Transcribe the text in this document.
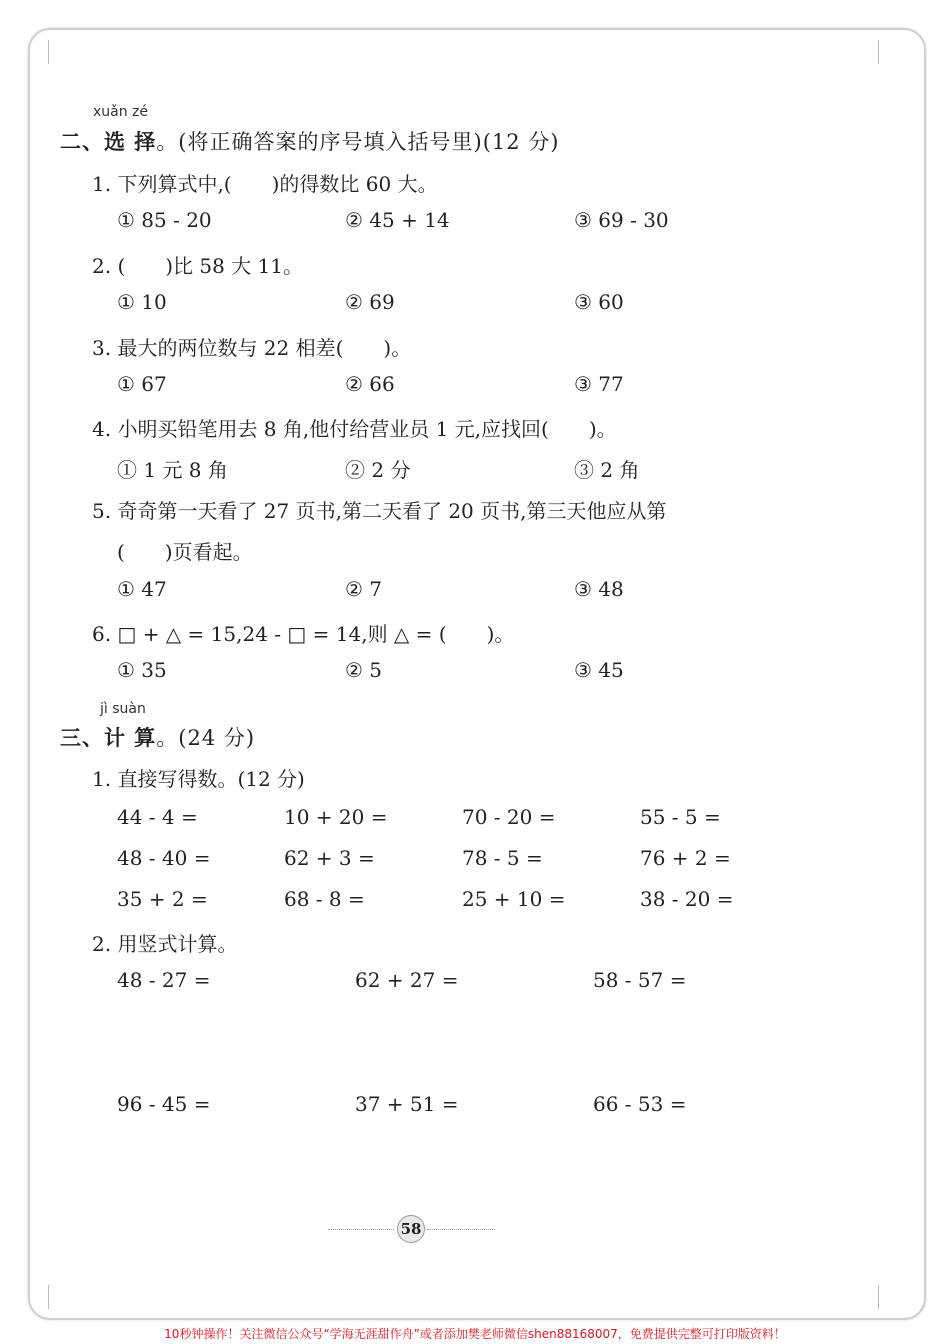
xuǎn zé
二、选 择。(将正确答案的序号填入括号里)(12 分)
1. 下列算式中,(　　)的得数比 60 大。
① 85 - 20	② 45 + 14	③ 69 - 30
2. (　　)比 58 大 11。
① 10	② 69	③ 60
3. 最大的两位数与 22 相差(　　)。
① 67	② 66	③ 77
4. 小明买铅笔用去 8 角,他付给营业员 1 元,应找回(　　)。
① 1 元 8 角	② 2 分	③ 2 角
5. 奇奇第一天看了 27 页书,第二天看了 20 页书,第三天他应从第
(　　)页看起。
① 47	② 7	③ 48
6. □ + △ = 15,24 - □ = 14,则 △ = (　　)。
① 35	② 5	③ 45
jì suàn
三、计 算。(24 分)
1. 直接写得数。(12 分)
44 - 4 =	10 + 20 =	70 - 20 =	55 - 5 =
48 - 40 =	62 + 3 =	78 - 5 =	76 + 2 =
35 + 2 =	68 - 8 =	25 + 10 =	38 - 20 =
2. 用竖式计算。
48 - 27 =	62 + 27 =	58 - 57 =
96 - 45 =	37 + 51 =	66 - 53 =
58
10秒钟操作！关注微信公众号“学海无涯甜作舟”或者添加樊老师微信shen88168007，免费提供完整可打印版资料！
